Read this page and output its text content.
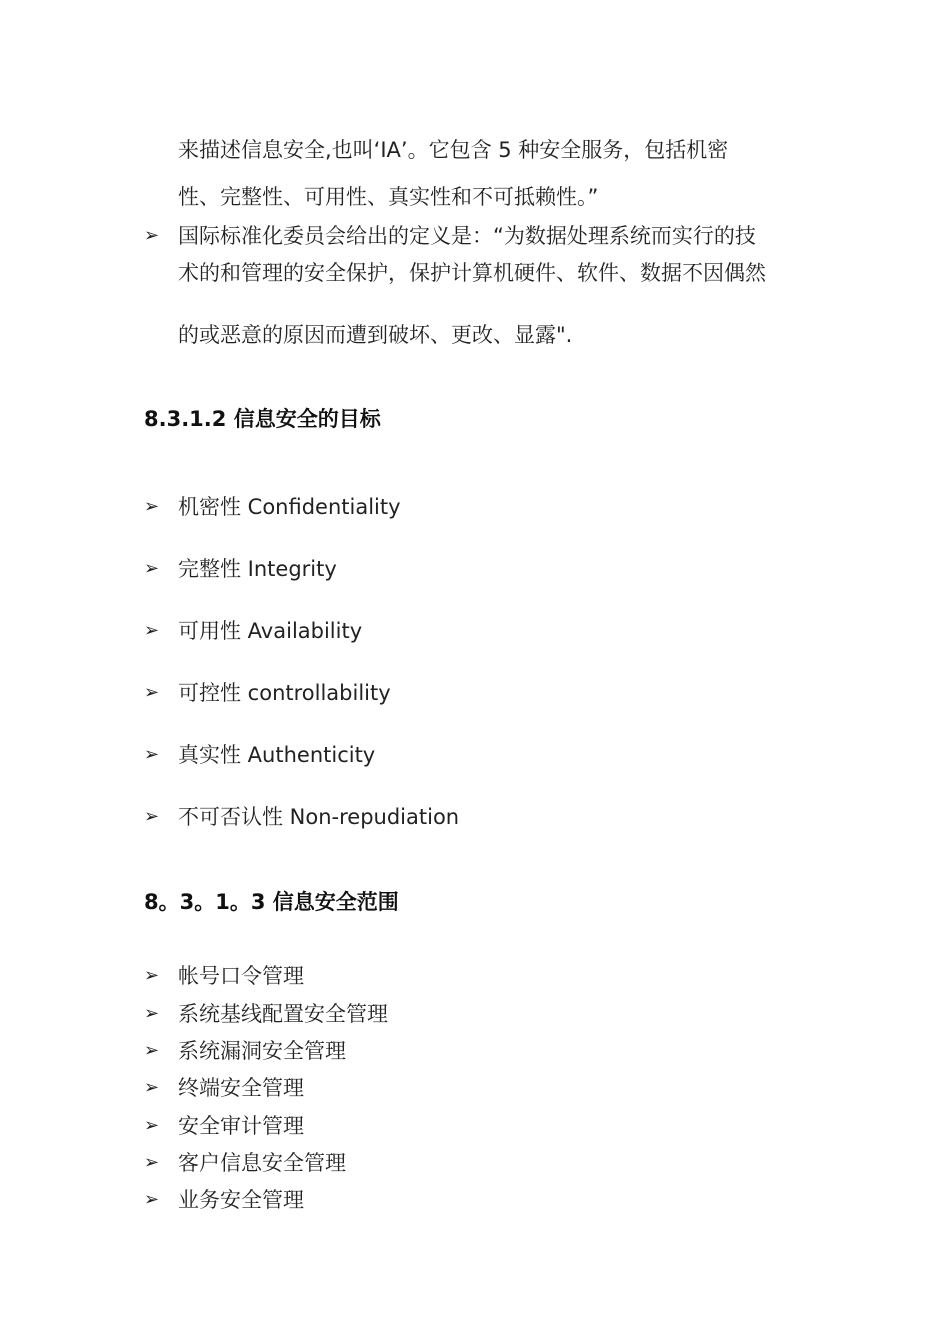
来描述信息安全,也叫‘IA’。它包含 5 种安全服务，包括机密
性、完整性、可用性、真实性和不可抵赖性。”
➢ 国际标准化委员会给出的定义是：“为数据处理系统而实行的技
术的和管理的安全保护，保护计算机硬件、软件、数据不因偶然
的或恶意的原因而遭到破坏、更改、显露".
8.3.1.2 信息安全的目标
➢ 机密性 Confidentiality
➢ 完整性 Integrity
➢ 可用性 Availability
➢ 可控性 controllability
➢ 真实性 Authenticity
➢ 不可否认性 Non-repudiation
8。3。1。3 信息安全范围
➢ 帐号口令管理
➢ 系统基线配置安全管理
➢ 系统漏洞安全管理
➢ 终端安全管理
➢ 安全审计管理
➢ 客户信息安全管理
➢ 业务安全管理
